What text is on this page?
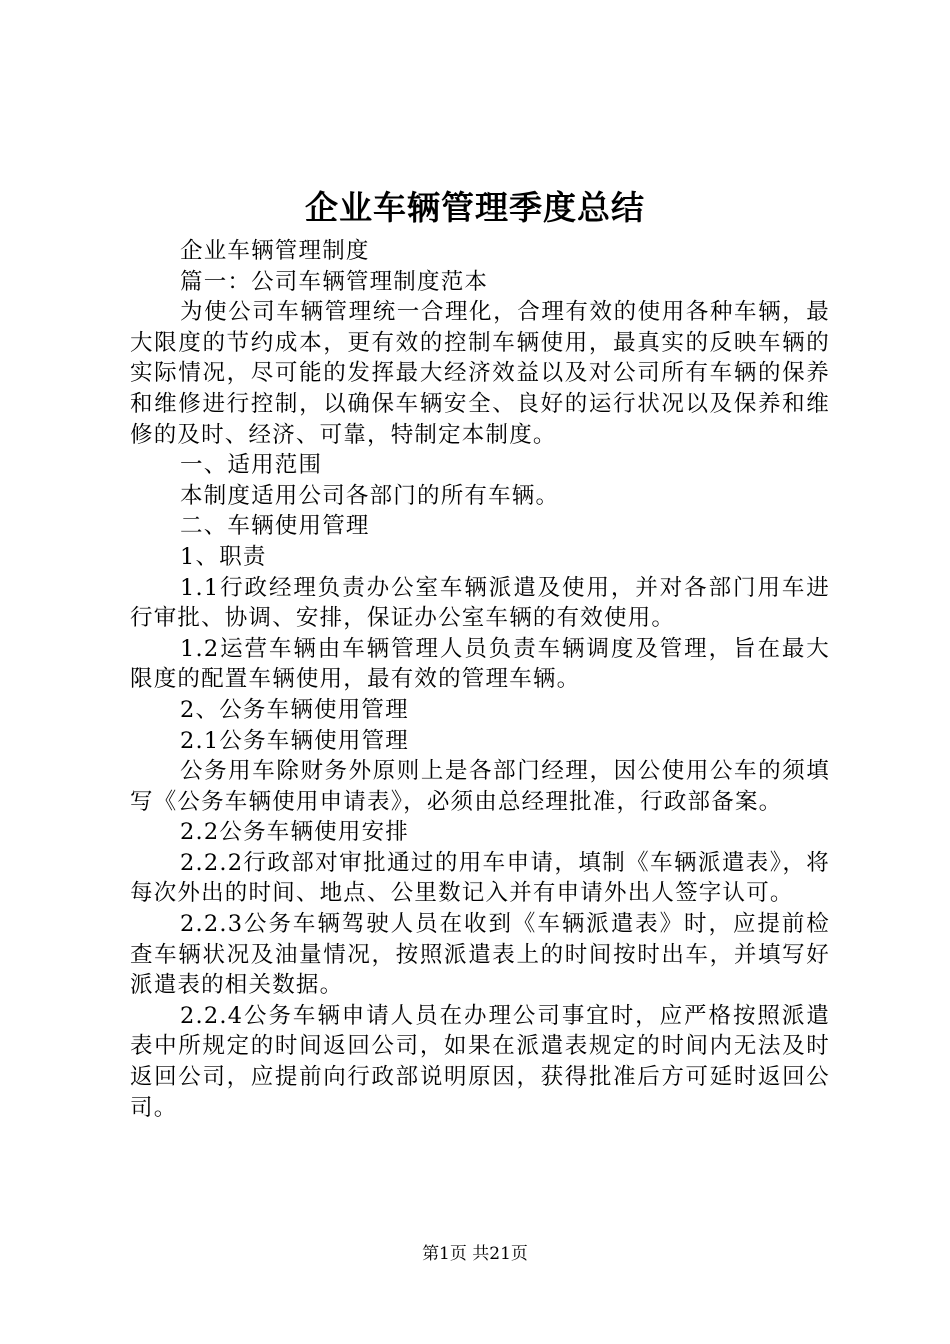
企业车辆管理季度总结

企业车辆管理制度

篇一：公司车辆管理制度范本

为使公司车辆管理统一合理化，合理有效的使用各种车辆，最大限度的节约成本，更有效的控制车辆使用，最真实的反映车辆的实际情况，尽可能的发挥最大经济效益以及对公司所有车辆的保养和维修进行控制，以确保车辆安全、良好的运行状况以及保养和维修的及时、经济、可靠，特制定本制度。

一、适用范围

本制度适用公司各部门的所有车辆。

二、车辆使用管理

1、职责

1.1行政经理负责办公室车辆派遣及使用，并对各部门用车进行审批、协调、安排，保证办公室车辆的有效使用。

1.2运营车辆由车辆管理人员负责车辆调度及管理，旨在最大限度的配置车辆使用，最有效的管理车辆。

2、公务车辆使用管理

2.1公务车辆使用管理

公务用车除财务外原则上是各部门经理，因公使用公车的须填写《公务车辆使用申请表》，必须由总经理批准，行政部备案。

2.2公务车辆使用安排

2.2.2行政部对审批通过的用车申请，填制《车辆派遣表》，将每次外出的时间、地点、公里数记入并有申请外出人签字认可。

2.2.3公务车辆驾驶人员在收到《车辆派遣表》时，应提前检查车辆状况及油量情况，按照派遣表上的时间按时出车，并填写好派遣表的相关数据。

2.2.4公务车辆申请人员在办理公司事宜时，应严格按照派遣表中所规定的时间返回公司，如果在派遣表规定的时间内无法及时返回公司，应提前向行政部说明原因，获得批准后方可延时返回公司。

第1页 共21页
